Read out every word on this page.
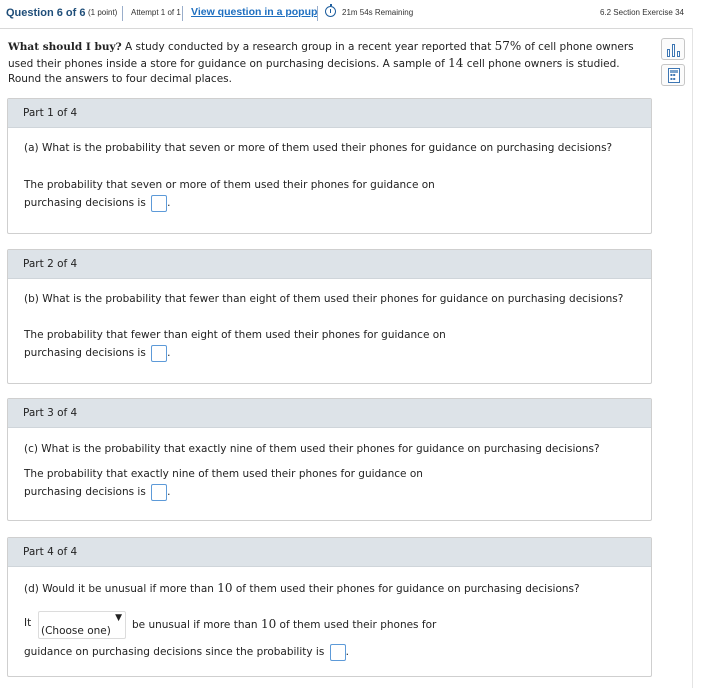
Question 6 of 6 (1 point) Attempt 1 of 1 View question in a popup	21m 54s Remaining	6.2 Section Exercise 34
▪▪ ▪▪
What should I buy? A study conducted by a research group in a recent year reported that 57% of cell phone owners used their phones inside a store for guidance on purchasing decisions. A sample of 14 cell phone owners is studied. Round the answers to four decimal places.
Part 1 of 4
(a) What is the probability that seven or more of them used their phones for guidance on purchasing decisions?
The probability that seven or more of them used their phones for guidance on
purchasing decisions is .
Part 2 of 4
(b) What is the probability that fewer than eight of them used their phones for guidance on purchasing decisions?
The probability that fewer than eight of them used their phones for guidance on
purchasing decisions is .
Part 3 of 4
(c) What is the probability that exactly nine of them used their phones for guidance on purchasing decisions?
The probability that exactly nine of them used their phones for guidance on
purchasing decisions is .
Part 4 of 4
(d) Would it be unusual if more than 10 of them used their phones for guidance on purchasing decisions?
It	▼
(Choose one) be unusual if more than 10 of them used their phones for
guidance on purchasing decisions since the probability is .
